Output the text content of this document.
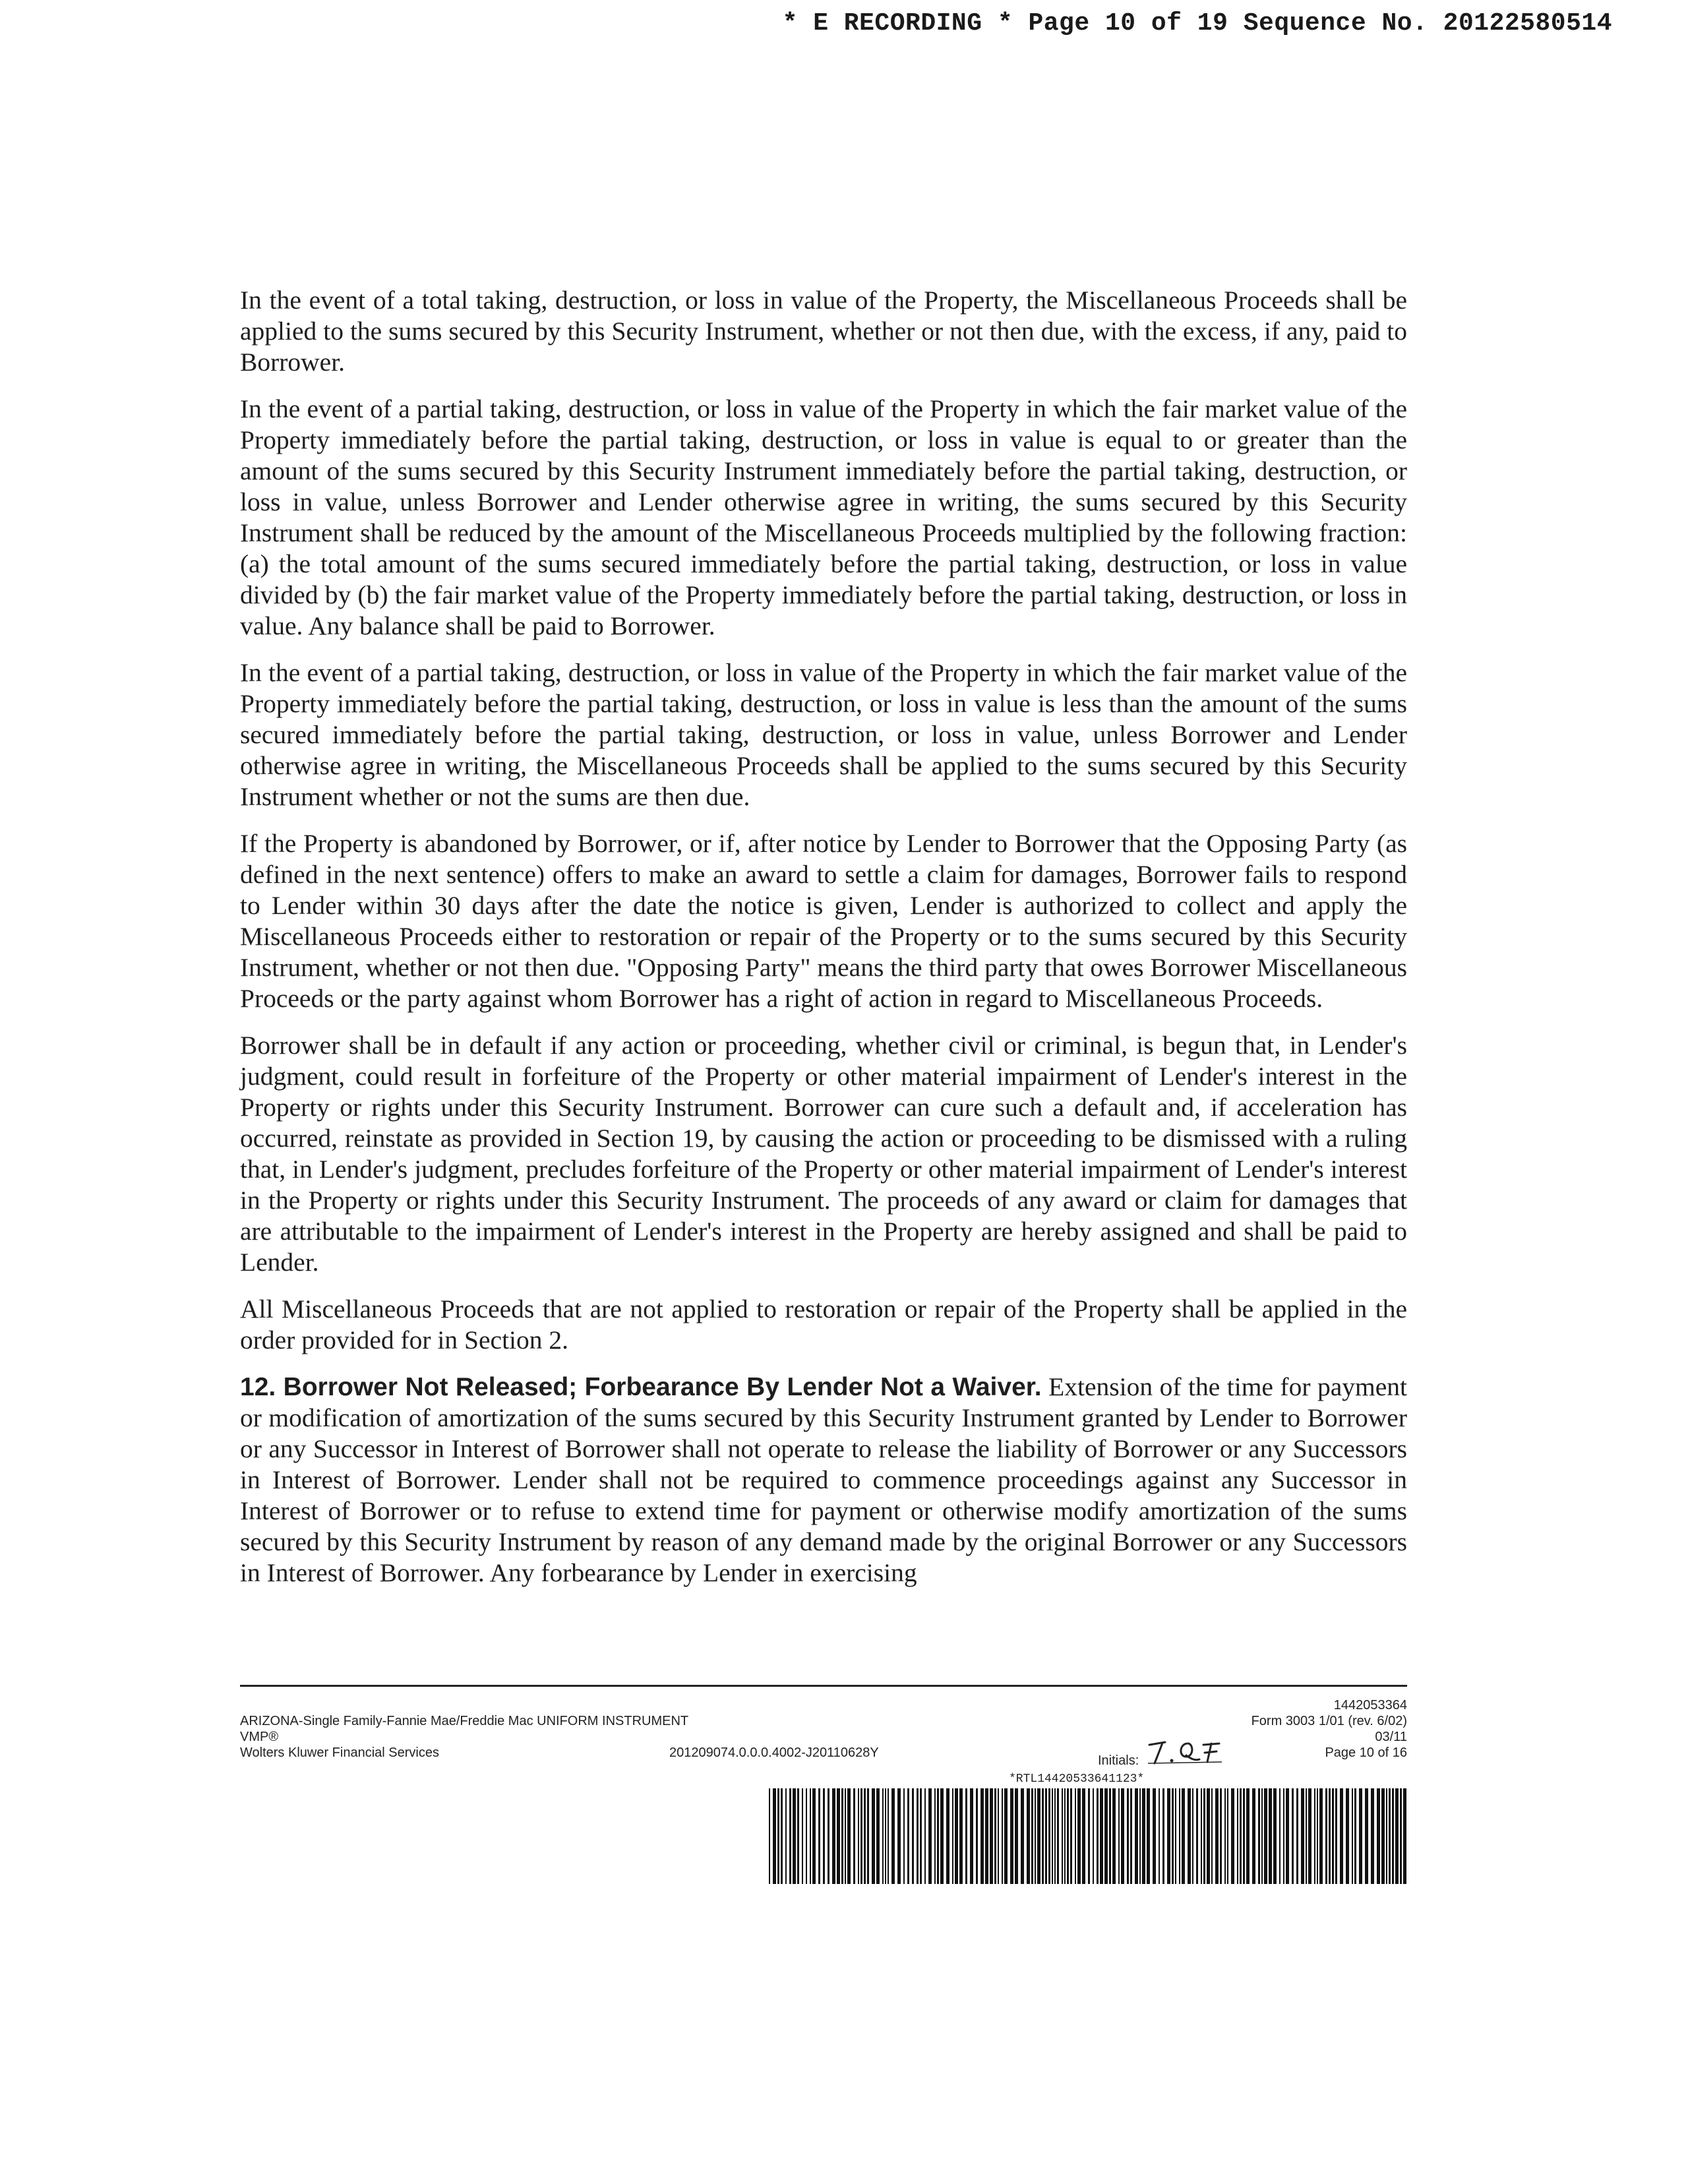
* E RECORDING * Page 10 of 19 Sequence No. 20122580514

In the event of a total taking, destruction, or loss in value of the Property, the Miscellaneous Proceeds shall be applied to the sums secured by this Security Instrument, whether or not then due, with the excess, if any, paid to Borrower.

In the event of a partial taking, destruction, or loss in value of the Property in which the fair market value of the Property immediately before the partial taking, destruction, or loss in value is equal to or greater than the amount of the sums secured by this Security Instrument immediately before the partial taking, destruction, or loss in value, unless Borrower and Lender otherwise agree in writing, the sums secured by this Security Instrument shall be reduced by the amount of the Miscellaneous Proceeds multiplied by the following fraction: (a) the total amount of the sums secured immediately before the partial taking, destruction, or loss in value divided by (b) the fair market value of the Property immediately before the partial taking, destruction, or loss in value. Any balance shall be paid to Borrower.

In the event of a partial taking, destruction, or loss in value of the Property in which the fair market value of the Property immediately before the partial taking, destruction, or loss in value is less than the amount of the sums secured immediately before the partial taking, destruction, or loss in value, unless Borrower and Lender otherwise agree in writing, the Miscellaneous Proceeds shall be applied to the sums secured by this Security Instrument whether or not the sums are then due.

If the Property is abandoned by Borrower, or if, after notice by Lender to Borrower that the Opposing Party (as defined in the next sentence) offers to make an award to settle a claim for damages, Borrower fails to respond to Lender within 30 days after the date the notice is given, Lender is authorized to collect and apply the Miscellaneous Proceeds either to restoration or repair of the Property or to the sums secured by this Security Instrument, whether or not then due. "Opposing Party" means the third party that owes Borrower Miscellaneous Proceeds or the party against whom Borrower has a right of action in regard to Miscellaneous Proceeds.

Borrower shall be in default if any action or proceeding, whether civil or criminal, is begun that, in Lender's judgment, could result in forfeiture of the Property or other material impairment of Lender's interest in the Property or rights under this Security Instrument. Borrower can cure such a default and, if acceleration has occurred, reinstate as provided in Section 19, by causing the action or proceeding to be dismissed with a ruling that, in Lender's judgment, precludes forfeiture of the Property or other material impairment of Lender's interest in the Property or rights under this Security Instrument. The proceeds of any award or claim for damages that are attributable to the impairment of Lender's interest in the Property are hereby assigned and shall be paid to Lender.

All Miscellaneous Proceeds that are not applied to restoration or repair of the Property shall be applied in the order provided for in Section 2.

12. Borrower Not Released; Forbearance By Lender Not a Waiver. Extension of the time for payment or modification of amortization of the sums secured by this Security Instrument granted by Lender to Borrower or any Successor in Interest of Borrower shall not operate to release the liability of Borrower or any Successors in Interest of Borrower. Lender shall not be required to commence proceedings against any Successor in Interest of Borrower or to refuse to extend time for payment or otherwise modify amortization of the sums secured by this Security Instrument by reason of any demand made by the original Borrower or any Successors in Interest of Borrower. Any forbearance by Lender in exercising

ARIZONA-Single Family-Fannie Mae/Freddie Mac UNIFORM INSTRUMENT
VMP®
Wolters Kluwer Financial Services	201209074.0.0.0.4002-J20110628Y
1442053364
Form 3003 1/01 (rev. 6/02)
03/11
Page 10 of 16
Initials:
*RTL14420533641123*
